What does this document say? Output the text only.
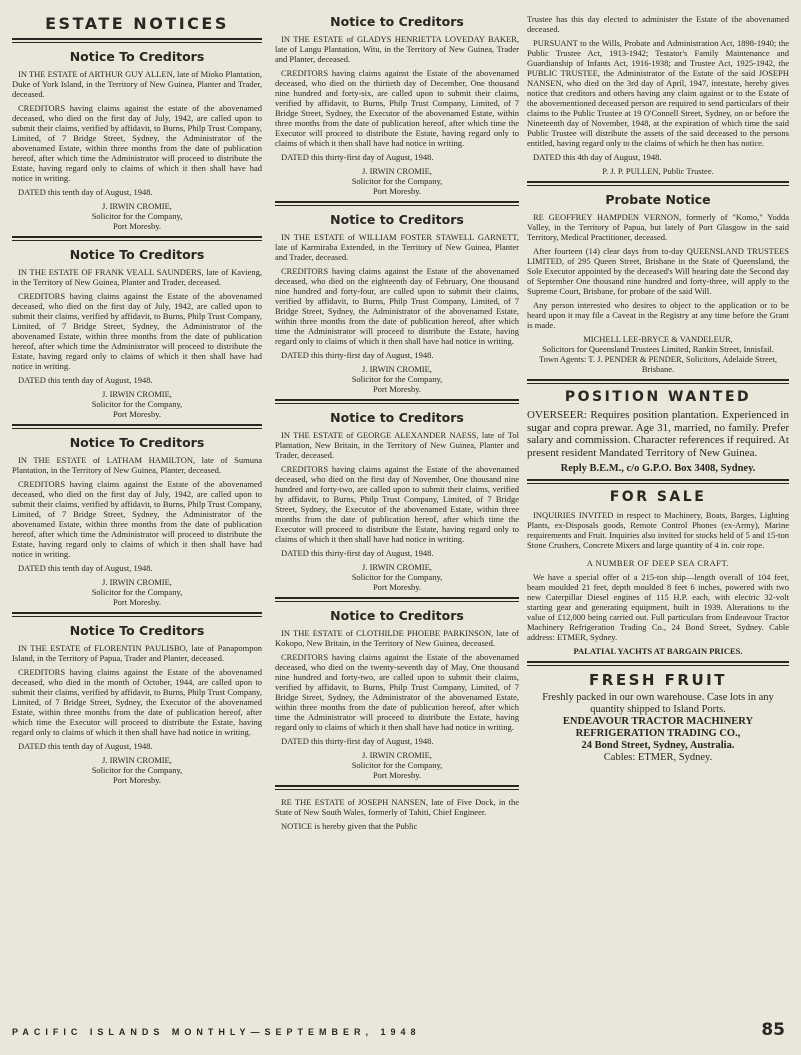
ESTATE NOTICES
Notice To Creditors

IN THE ESTATE of ARTHUR GUY ALLEN, late of Mioko Plantation, Duke of York Island, in the Territory of New Guinea, Planter and Trader, deceased.

CREDITORS having claims against the estate of the abovenamed deceased, who died on the first day of July, 1942, are called upon to submit their claims, verified by affidavit, to Burns, Philp Trust Company, Limited, of 7 Bridge Street, Sydney, the Administrator of the abovenamed Estate, within three months from the date of publication hereof, after which time the Administrator will proceed to distribute the Estate, having regard only to claims of which it then shall have had notice in writing.

DATED this tenth day of August, 1948.

J. IRWIN CROMIE,

Solicitor for the Company,

Port Moresby.

Notice To Creditors

IN THE ESTATE OF FRANK VEALL SAUNDERS, late of Kavieng, in the Territory of New Guinea, Planter and Trader, deceased.

CREDITORS having claims against the Estate of the abovenamed deceased, who died on the first day of July, 1942, are called upon to submit their claims, verified by affidavit, to Burns, Philp Trust Company, Limited, of 7 Bridge Street, Sydney, the Administrator of the abovenamed Estate, within three months from the date of publication hereof, after which time the Administrator will proceed to distribute the Estate, having regard only to claims of which it then shall have had notice in writing.

DATED this tenth day of August, 1948.

J. IRWIN CROMIE,

Solicitor for the Company,

Port Moresby.

Notice To Creditors

IN THE ESTATE of LATHAM HAMILTON, late of Sumuna Plantation, in the Territory of New Guinea, Planter, deceased.

CREDITORS having claims against the Estate of the abovenamed deceased, who died on the first day of July, 1942, are called upon to submit their claims, verified by affidavit, to Burns, Philp Trust Company, Limited, of 7 Bridge Street, Sydney, the Administrator of the abovenamed Estate, within three months from the date of publication hereof, after which time the Administrator will proceed to distribute the Estate, having regard only to claims of which it then shall have had notice in writing.

DATED this tenth day of August, 1948.

J. IRWIN CROMIE,

Solicitor for the Company,

Port Moresby.

Notice To Creditors

IN THE ESTATE of FLORENTIN PAULISBO, late of Panapompon Island, in the Territory of Papua, Trader and Planter, deceased.

CREDITORS having claims against the Estate of the abovenamed deceased, who died in the month of October, 1944, are called upon to submit their claims, verified by affidavit, to Burns, Philp Trust Company, Limited, of 7 Bridge Street, Sydney, the Executor of the abovenamed Estate, within three months from the date of publication hereof, after which time the Executor will proceed to distribute the Estate, having regard only to claims of which it then shall have had notice in writing.

DATED this tenth day of August, 1948.

J. IRWIN CROMIE,

Solicitor for the Company,

Port Moresby.

Notice to Creditors

IN THE ESTATE of GLADYS HENRIETTA LOVEDAY BAKER, late of Langu Plantation, Witu, in the Territory of New Guinea, Trader and Planter, deceased.

CREDITORS having claims against the Estate of the abovenamed deceased, who died on the thirtieth day of December, One thousand nine hundred and forty-six, are called upon to submit their claims, verified by affidavit, to Burns, Philp Trust Company, Limited, of 7 Bridge Street, Sydney, the Executor of the abovenamed Estate, within three months from the date of publication hereof, after which time the Executor will proceed to distribute the Estate, having regard only to claims of which it then shall have had notice in writing.

DATED this thirty-first day of August, 1948.

J. IRWIN CROMIE,

Solicitor for the Company,

Port Moresby.

Notice to Creditors

IN THE ESTATE of WILLIAM FOSTER STAWELL GARNETT, late of Karmiraba Extended, in the Territory of New Guinea, Planter and Trader, deceased.

CREDITORS having claims against the Estate of the abovenamed deceased, who died on the eighteenth day of February, One thousand nine hundred and forty-four, are called upon to submit their claims, verified by affidavit, to Burns, Philp Trust Company, Limited, of 7 Bridge Street, Sydney, the Administrator of the abovenamed Estate, within three months from the date of publication hereof, after which time the Administrator will proceed to distribute the Estate, having regard only to claims of which it then shall have had notice in writing.

DATED this thirty-first day of August, 1948.

J. IRWIN CROMIE,

Solicitor for the Company,

Port Moresby.

Notice to Creditors

IN THE ESTATE of GEORGE ALEXANDER NAESS, late of Tol Plantation, New Britain, in the Territory of New Guinea, Planter and Trader, deceased.

CREDITORS having claims against the Estate of the abovenamed deceased, who died on the first day of November, One thousand nine hundred and forty-two, are called upon to submit their claims, verified by affidavit, to Burns, Philp Trust Company, Limited, of 7 Bridge Street, Sydney, the Executor of the abovenamed Estate, within three months from the date of publication hereof, after which time the Executor will proceed to distribute the Estate, having regard only to claims of which it then shall have had notice in writing.

DATED this thirty-first day of August, 1948.

J. IRWIN CROMIE,

Solicitor for the Company,

Port Moresby.

Notice to Creditors

IN THE ESTATE of CLOTHILDE PHOEBE PARKINSON, late of Kokopo, New Britain, in the Territory of New Guinea, deceased.

CREDITORS having claims against the Estate of the abovenamed deceased, who died on the twenty-seventh day of May, One thousand nine hundred and forty-two, are called upon to submit their claims, verified by affidavit, to Burns, Philp Trust Company, Limited, of 7 Bridge Street, Sydney, the Administrator of the abovenamed Estate, within three months from the date of publication hereof, after which time the Administrator will proceed to distribute the Estate, having regard only to claims of which it then shall have had notice in writing.

DATED this thirty-first day of August, 1948.

J. IRWIN CROMIE,

Solicitor for the Company,

Port Moresby.

RE THE ESTATE of JOSEPH NANSEN, late of Five Dock, in the State of New South Wales, formerly of Tahiti, Chief Engineer.

NOTICE is hereby given that the Public

Trustee has this day elected to administer the Estate of the abovenamed deceased.

PURSUANT to the Wills, Probate and Administration Act, 1898-1940; the Public Trustee Act, 1913-1942; Testator's Family Maintenance and Guardianship of Infants Act, 1916-1938; and Trustee Act, 1925-1942, the PUBLIC TRUSTEE, the Administrator of the Estate of the said JOSEPH NANSEN, who died on the 3rd day of April, 1947, intestate, hereby gives notice that creditors and others having any claim against or to the Estate of the abovementioned deceased person are required to send particulars of their claims to the Public Trustee at 19 O'Connell Street, Sydney, on or before the Nineteenth day of November, 1948, at the expiration of which time the said Public Trustee will distribute the assets of the said deceased to the persons entitled, having regard only to the claims of which he then has notice.

DATED this 4th day of August, 1948.

P. J. P. PULLEN, Public Trustee.

Probate Notice

RE GEOFFREY HAMPDEN VERNON, formerly of "Komo," Yodda Valley, in the Territory of Papua, but lately of Port Glasgow in the said Territory, Medical Practitioner, deceased.

After fourteen (14) clear days from to-day QUEENSLAND TRUSTEES LIMITED, of 295 Queen Street, Brisbane in the State of Queensland, the Sole Executor appointed by the deceased's Will bearing date the Second day of September One thousand nine hundred and forty-three, will apply to the Supreme Court, Brisbane, for probate of the said Will.

Any person interested who desires to object to the application or to be heard upon it may file a Caveat in the Registry at any time before the Grant is made.

MICHELL LEE-BRYCE & VANDELEUR,

Solicitors for Queensland Trustees Limited, Rankin Street, Innisfail.

Town Agents: T. J. PENDER & PENDER, Solicitors, Adelaide Street, Brisbane.

POSITION WANTED

OVERSEER: Requires position plantation. Experienced in sugar and copra prewar. Age 31, married, no family. Prefer salary and commission. Character references if required. At present resident Mandated Territory of New Guinea.

Reply B.E.M., c/o G.P.O. Box 3408, Sydney.

FOR SALE

INQUIRIES INVITED in respect to Machinery, Boats, Barges, Lighting Plants, ex-Disposals goods, Remote Control Phones (ex-Army), Marine requirements and Fruit. Inquiries also invited for stocks held of 5 and 15-ton Stone Crushers, Concrete Mixers and large quantity of 4 in. coir rope.

A NUMBER OF DEEP SEA CRAFT.

We have a special offer of a 215-ton ship—length overall of 104 feet, beam moulded 21 feet, depth moulded 8 feet 6 inches, powered with two new Caterpillar Diesel engines of 115 H.P. each, with electric 32-volt starting gear and generating equipment, built in 1939. Alterations to the value of £12,000 being carried out. Full particulars from Endeavour Tractor Machinery Refrigeration Trading Co., 24 Bond Street, Sydney. Cable address: ETMER, Sydney.

PALATIAL YACHTS AT BARGAIN PRICES.

FRESH FRUIT

Freshly packed in our own warehouse. Case lots in any quantity shipped to Island Ports.

ENDEAVOUR TRACTOR MACHINERY REFRIGERATION TRADING CO.,

24 Bond Street, Sydney, Australia.

Cables: ETMER, Sydney.

PACIFIC ISLANDS MONTHLY—SEPTEMBER, 1948	85
